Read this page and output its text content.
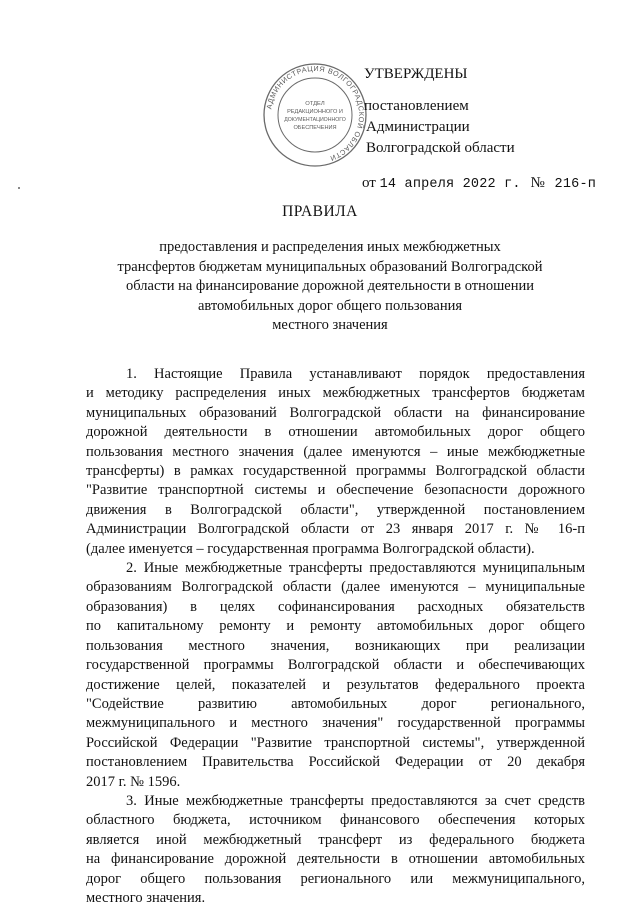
АДМИНИСТРАЦИЯ ВОЛГОГРАДСКОЙ ОБЛАСТИ
ОТДЕЛ
РЕДАКЦИОННОГО И
ДОКУМЕНТАЦИОННОГО
ОБЕСПЕЧЕНИЯ
УТВЕРЖДЕНЫ
постановлением
Администрации
Волгоградской области
от 14 апреля 2022 г. № 216-п
ПРАВИЛА
предоставления и распределения иных межбюджетных
трансфертов бюджетам муниципальных образований Волгоградской
области на финансирование дорожной деятельности в отношении
автомобильных дорог общего пользования
местного значения
1. Настоящие Правила устанавливают порядок предоставления
и методику распределения иных межбюджетных трансфертов бюджетам
муниципальных образований Волгоградской области на финансирование
дорожной деятельности в отношении автомобильных дорог общего
пользования местного значения (далее именуются – иные межбюджетные
трансферты) в рамках государственной программы Волгоградской области
"Развитие транспортной системы и обеспечение безопасности дорожного
движения в Волгоградской области", утвержденной постановлением
Администрации Волгоградской области от 23 января 2017 г. № 16-п
(далее именуется – государственная программа Волгоградской области).
2. Иные межбюджетные трансферты предоставляются муниципальным
образованиям Волгоградской области (далее именуются – муниципальные
образования) в целях софинансирования расходных обязательств
по капитальному ремонту и ремонту автомобильных дорог общего
пользования местного значения, возникающих при реализации
государственной программы Волгоградской области и обеспечивающих
достижение целей, показателей и результатов федерального проекта
"Содействие развитию автомобильных дорог регионального,
межмуниципального и местного значения" государственной программы
Российской Федерации "Развитие транспортной системы", утвержденной
постановлением Правительства Российской Федерации от 20 декабря
2017 г. № 1596.
3. Иные межбюджетные трансферты предоставляются за счет средств
областного бюджета, источником финансового обеспечения которых
является иной межбюджетный трансферт из федерального бюджета
на финансирование дорожной деятельности в отношении автомобильных
дорог общего пользования регионального или межмуниципального,
местного значения.
